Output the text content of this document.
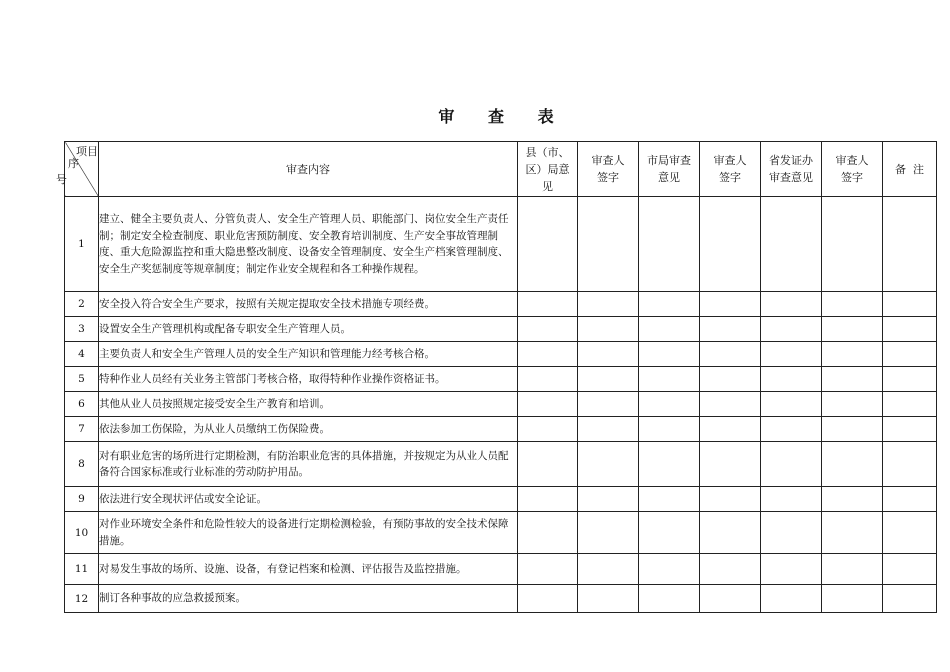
审 查 表
项目
序
号	审查内容	县（市、区）局意见	审查人签字	市局审查意见	审查人签字	省发证办审查意见	审查人签字	备  注
1	建立、健全主要负责人、分管负责人、安全生产管理人员、职能部门、岗位安全生产责任制；制定安全检查制度、职业危害预防制度、安全教育培训制度、生产安全事故管理制度、重大危险源监控和重大隐患整改制度、设备安全管理制度、安全生产档案管理制度、安全生产奖惩制度等规章制度；制定作业安全规程和各工种操作规程。							
2	安全投入符合安全生产要求，按照有关规定提取安全技术措施专项经费。							
3	设置安全生产管理机构或配备专职安全生产管理人员。							
4	主要负责人和安全生产管理人员的安全生产知识和管理能力经考核合格。							
5	特种作业人员经有关业务主管部门考核合格，取得特种作业操作资格证书。							
6	其他从业人员按照规定接受安全生产教育和培训。							
7	依法参加工伤保险，为从业人员缴纳工伤保险费。							
8	对有职业危害的场所进行定期检测，有防治职业危害的具体措施，并按规定为从业人员配备符合国家标准或行业标准的劳动防护用品。							
9	依法进行安全现状评估或安全论证。							
10	对作业环境安全条件和危险性较大的设备进行定期检测检验，有预防事故的安全技术保障措施。							
11	对易发生事故的场所、设施、设备，有登记档案和检测、评估报告及监控措施。							
12	制订各种事故的应急救援预案。							
